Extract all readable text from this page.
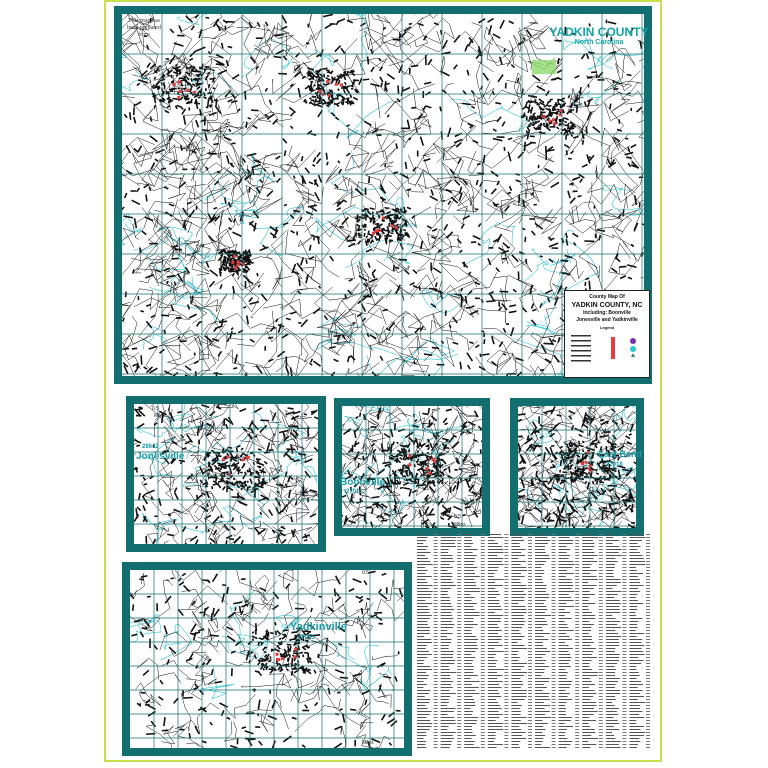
This map has been prepared from	YADKIN COUNTY
North Carolina
County Map Of
YADKIN COUNTY, NC
Including: Boonville
Jonesville and Yadkinville
Legend
Jonesville
28642
0.5
Miles
Boonville
27011
0.5
Miles
East Bend
27018
Yadkinville
27055
0.5
Miles
